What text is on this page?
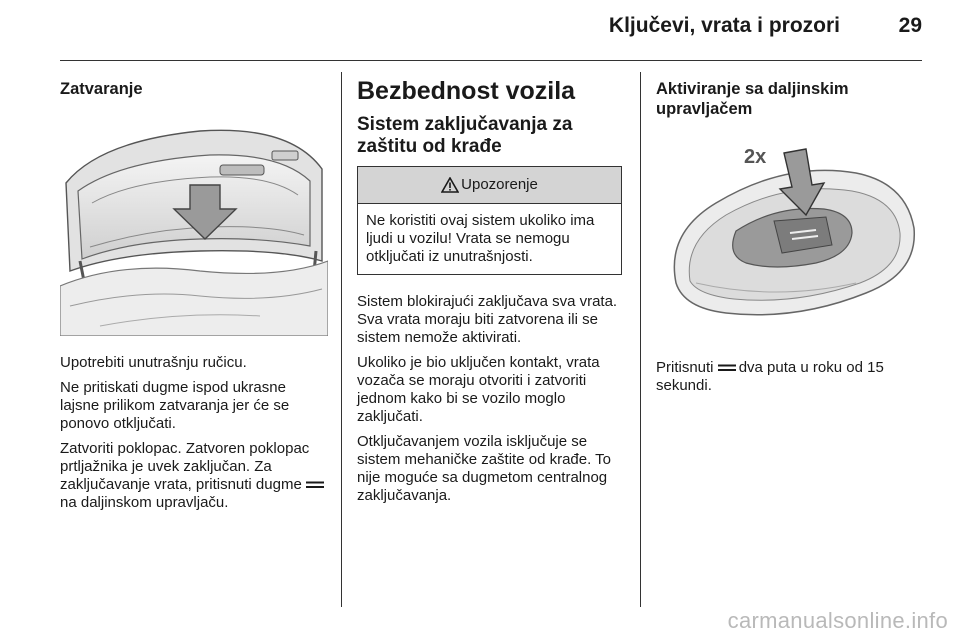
Ključevi, vrata i prozori	29
Zatvaranje

Upotrebiti unutrašnju ručicu.

Ne pritiskati dugme ispod ukrasne lajsne prilikom zatvaranja jer će se ponovo otključati.

Zatvoriti poklopac. Zatvoren poklopac prtljažnika je uvek zaključan. Za zaključavanje vrata, pritisnuti dugme na daljinskom upravljaču.

Bezbednost vozila
Sistem zaključavanja za zaštitu od krađe
Upozorenje

Ne koristiti ovaj sistem ukoliko ima ljudi u vozilu! Vrata se nemogu otključati iz unutrašnjosti.

Sistem blokirajući zaključava sva vrata. Sva vrata moraju biti zatvorena ili se sistem nemože aktivirati.

Ukoliko je bio uključen kontakt, vrata vozača se moraju otvoriti i zatvoriti jednom kako bi se vozilo moglo zaključati.

Otključavanjem vozila isključuje se sistem mehaničke zaštite od krađe. To nije moguće sa dugmetom centralnog zaključavanja.

Aktiviranje sa daljinskim upravljačem
2x

Pritisnuti dva puta u roku od 15 sekundi.

carmanualsonline.info
